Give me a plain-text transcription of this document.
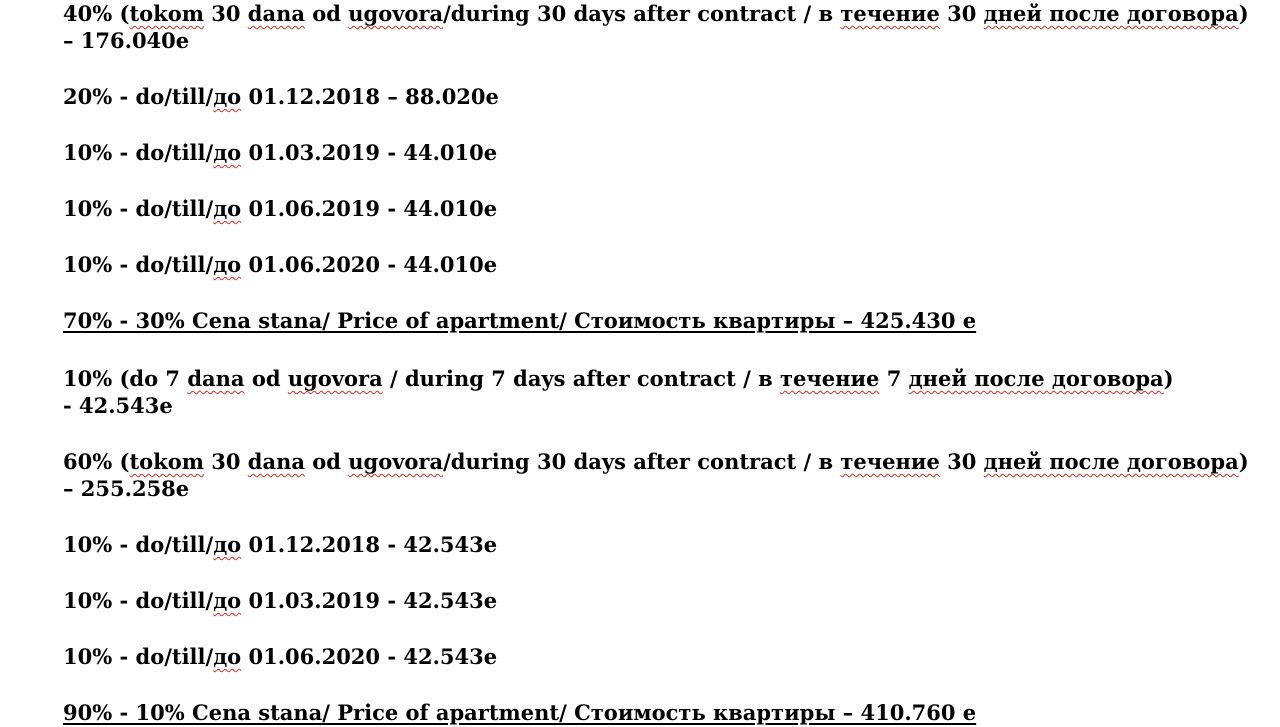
40% (tokom 30 dana od ugovora/during 30 days after contract / в течение 30 дней после договора)
– 176.040e
20% - do/till/до 01.12.2018 – 88.020e
10% - do/till/до 01.03.2019 - 44.010e
10% - do/till/до 01.06.2019 - 44.010e
10% - do/till/до 01.06.2020 - 44.010e
70% - 30% Cena stana/ Price of apartment/ Стоимость квартиры – 425.430 e
10% (do 7 dana od ugovora / during 7 days after contract / в течение 7 дней после договора)
- 42.543e
60% (tokom 30 dana od ugovora/during 30 days after contract / в течение 30 дней после договора)
– 255.258e
10% - do/till/до 01.12.2018 - 42.543e
10% - do/till/до 01.03.2019 - 42.543e
10% - do/till/до 01.06.2020 - 42.543e
90% - 10% Cena stana/ Price of apartment/ Стоимость квартиры – 410.760 e
